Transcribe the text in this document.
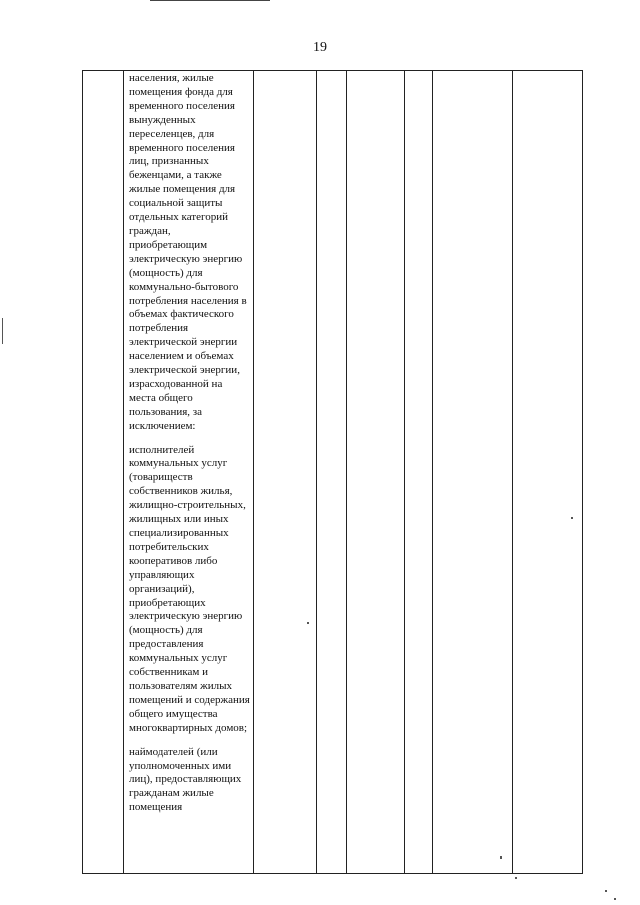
19

населения, жилые помещения фонда для временного поселения вынужденных переселенцев, для временного поселения лиц, признанных беженцами, а также жилые помещения для социальной защиты отдельных категорий граждан, приобретающим электрическую энергию (мощность) для коммунально-бытового потребления населения в объемах фактического потребления электрической энергии населением и объемах электрической энергии, израсходованной на места общего пользования, за исключением:

исполнителей коммунальных услуг (товариществ собственников жилья, жилищно-строительных, жилищных или иных специализированных потребительских кооперативов либо управляющих организаций), приобретающих электрическую энергию (мощность) для предоставления коммунальных услуг собственникам и пользователям жилых помещений и содержания общего имущества многоквартирных домов;

наймодателей (или уполномоченных ими лиц), предоставляющих гражданам жилые помещения
